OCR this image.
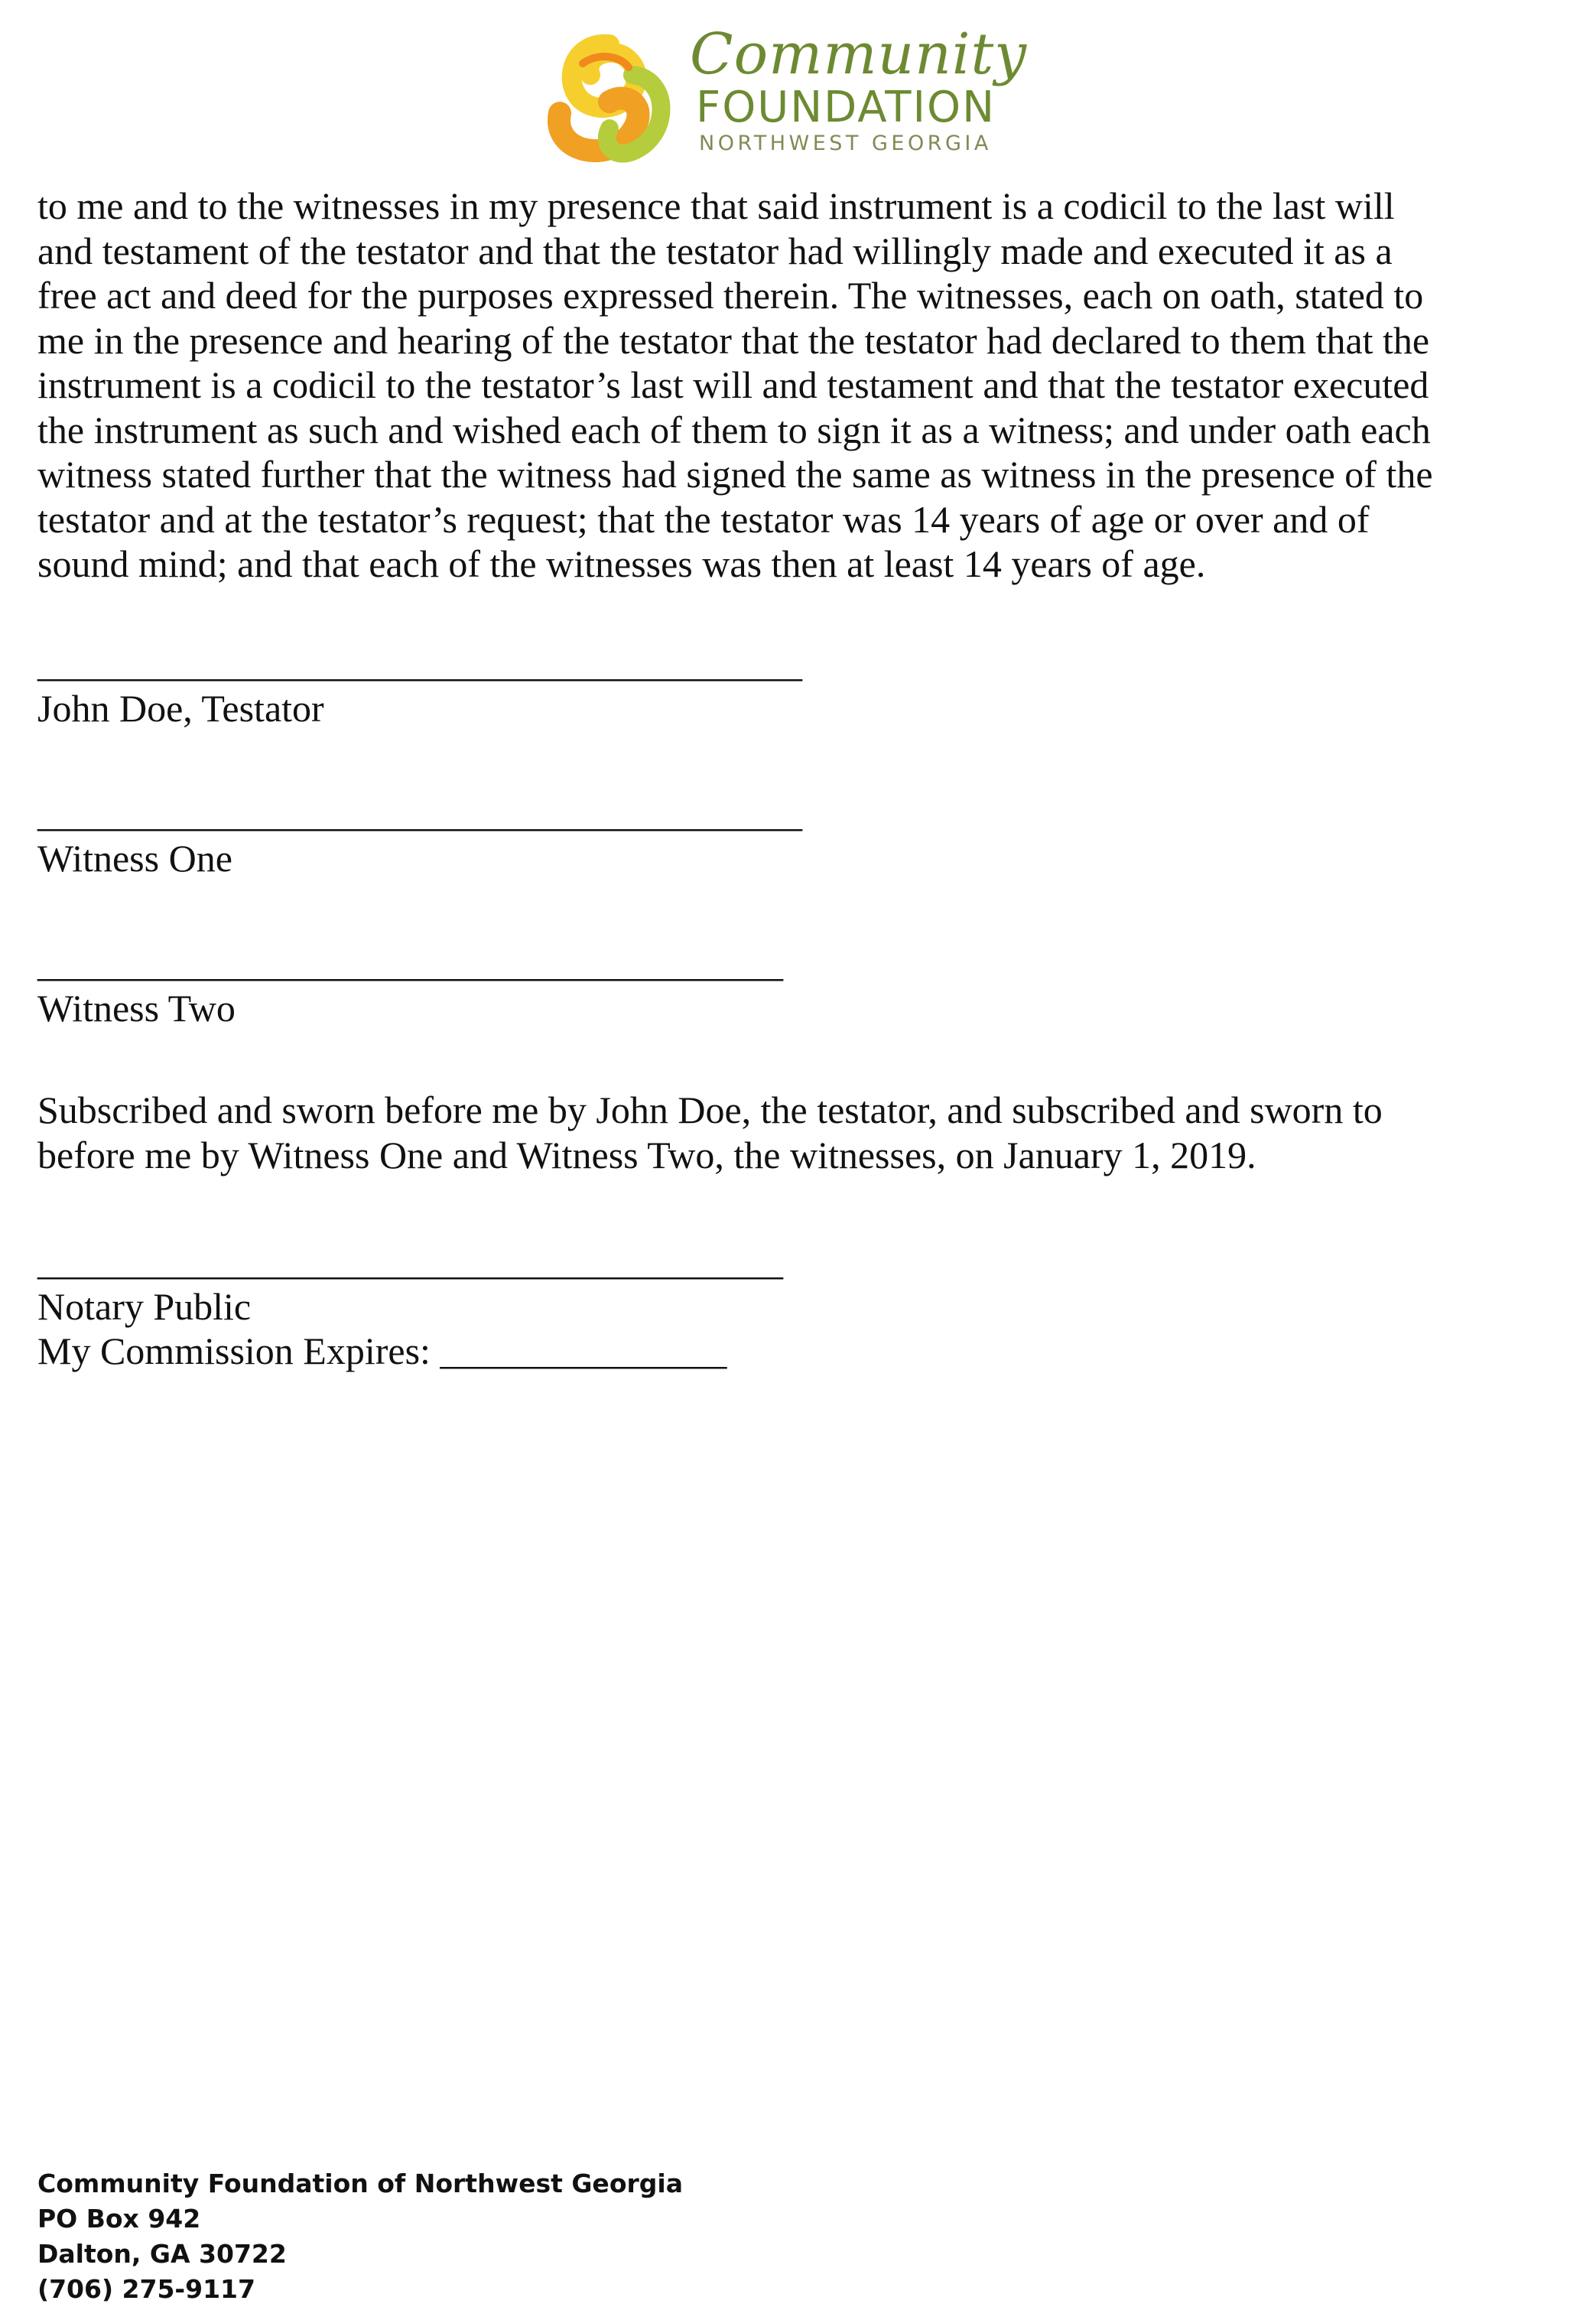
Community
FOUNDATION
NORTHWEST GEORGIA

to me and to the witnesses in my presence that said instrument is a codicil to the last will
and testament of the testator and that the testator had willingly made and executed it as a
free act and deed for the purposes expressed therein. The witnesses, each on oath, stated to
me in the presence and hearing of the testator that the testator had declared to them that the
instrument is a codicil to the testator’s last will and testament and that the testator executed
the instrument as such and wished each of them to sign it as a witness; and under oath each
witness stated further that the witness had signed the same as witness in the presence of the
testator and at the testator’s request; that the testator was 14 years of age or over and of
sound mind; and that each of the witnesses was then at least 14 years of age.

________________________________________
John Doe, Testator
________________________________________
Witness One
_______________________________________
Witness Two
Subscribed and sworn before me by John Doe, the testator, and subscribed and sworn to
before me by Witness One and Witness Two, the witnesses, on January 1, 2019.
_______________________________________
Notary Public
My Commission Expires: _______________
Community Foundation of Northwest Georgia
PO Box 942
Dalton, GA 30722
(706) 275-9117
